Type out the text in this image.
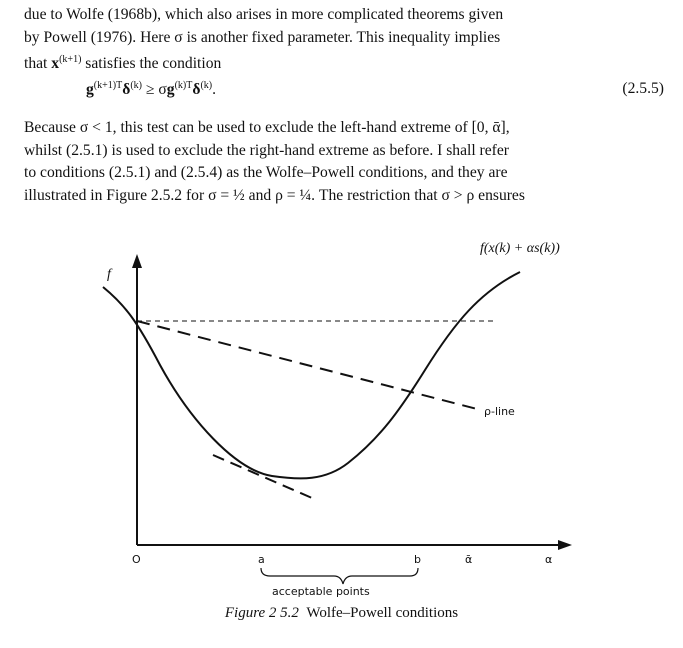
due to Wolfe (1968b), which also arises in more complicated theorems given
by Powell (1976). Here σ is another fixed parameter. This inequality implies
that $x^{(k+1)}$ satisfies the condition

$g^{(k+1)T}\delta^{(k)} \ge \sigma g^{(k)T}\delta^{(k)}$.	(2.5.5)

Because σ < 1, this test can be used to exclude the left-hand extreme of [0, ᾱ],
whilst (2.5.1) is used to exclude the right-hand extreme as before. I shall refer
to conditions (2.5.1) and (2.5.4) as the Wolfe–Powell conditions, and they are
illustrated in Figure 2.5.2 for σ = ½ and ρ = ¼. The restriction that σ > ρ ensures

f(x(k) + αs(k))
f
ρ-line
O	a	b	ᾱ	α
acceptable points
Figure 2 5.2 Wolfe–Powell conditions
